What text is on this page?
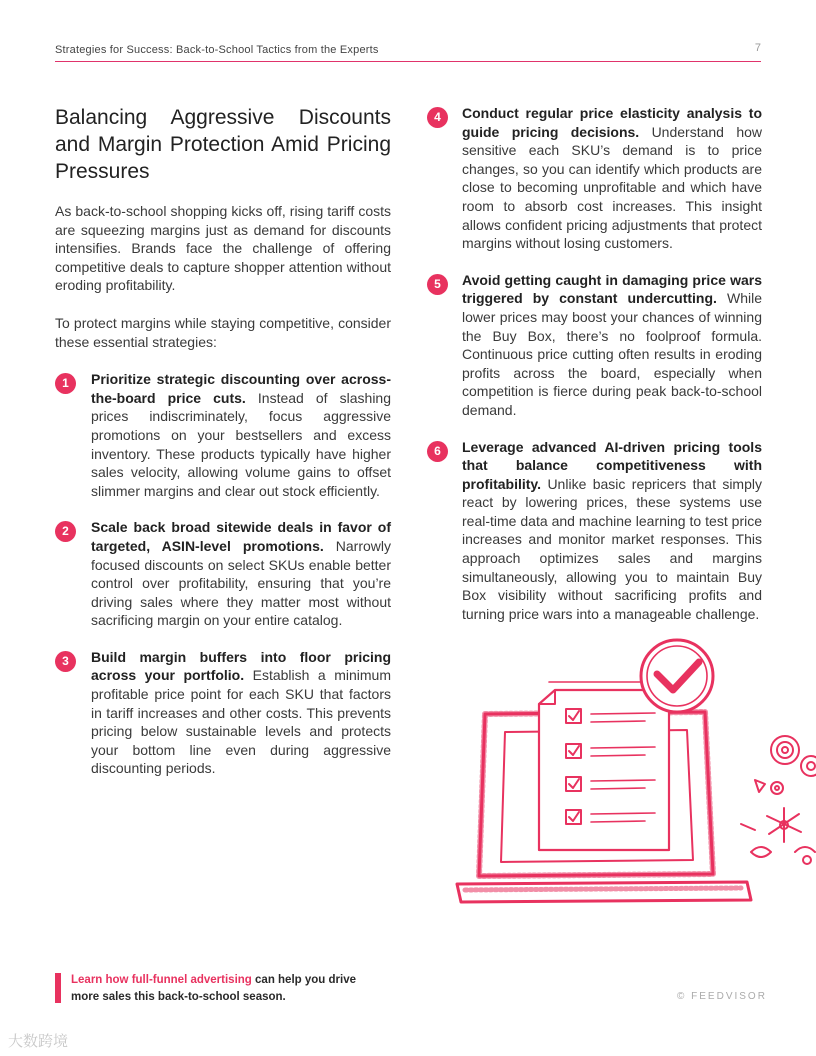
Strategies for Success: Back-to-School Tactics from the Experts	7
Balancing Aggressive Discounts and Margin Protection Amid Pricing Pressures

As back-to-school shopping kicks off, rising tariff costs are squeezing margins just as demand for discounts intensifies. Brands face the challenge of offering competitive deals to capture shopper attention without eroding profitability.

To protect margins while staying competitive, consider these essential strategies:

1	Prioritize strategic discounting over across-the-board price cuts. Instead of slashing prices indiscriminately, focus aggressive promotions on your bestsellers and excess inventory. These products typically have higher sales velocity, allowing volume gains to offset slimmer margins and clear out stock efficiently.
2	Scale back broad sitewide deals in favor of targeted, ASIN-level promotions. Narrowly focused discounts on select SKUs enable better control over profitability, ensuring that you’re driving sales where they matter most without sacrificing margin on your entire catalog.
3	Build margin buffers into floor pricing across your portfolio. Establish a minimum profitable price point for each SKU that factors in tariff increases and other costs. This prevents pricing below sustainable levels and protects your bottom line even during aggressive discounting periods.
4	Conduct regular price elasticity analysis to guide pricing decisions. Understand how sensitive each SKU’s demand is to price changes, so you can identify which products are close to becoming unprofitable and which have room to absorb cost increases. This insight allows confident pricing adjustments that protect margins without losing customers.
5	Avoid getting caught in damaging price wars triggered by constant undercutting. While lower prices may boost your chances of winning the Buy Box, there’s no foolproof formula. Continuous price cutting often results in eroding profits across the board, especially when competition is fierce during peak back-to-school demand.
6	Leverage advanced AI-driven pricing tools that balance competitiveness with profitability. Unlike basic repricers that simply react by lowering prices, these systems use real-time data and machine learning to test price increases and monitor market responses. This approach optimizes sales and margins simultaneously, allowing you to maintain Buy Box visibility without sacrificing profits and turning price wars into a manageable challenge.
Learn how full-funnel advertising can help you drive
more sales this back-to-school season.	© FEEDVISOR
大数跨境
